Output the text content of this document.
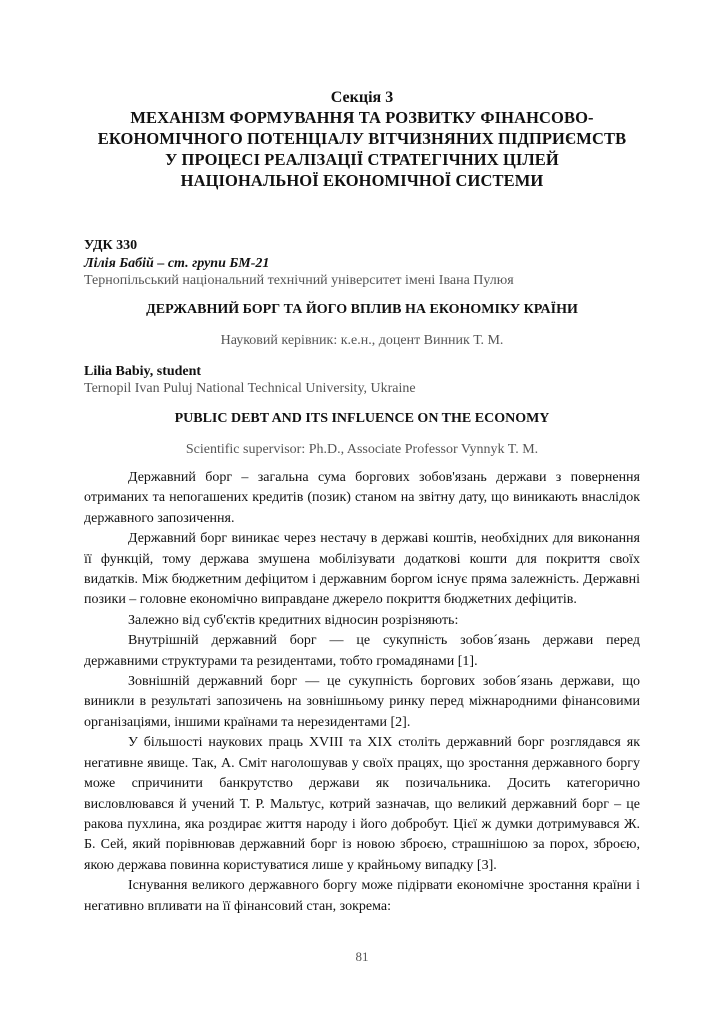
Секція 3
МЕХАНІЗМ ФОРМУВАННЯ ТА РОЗВИТКУ ФІНАНСОВО-
ЕКОНОМІЧНОГО ПОТЕНЦІАЛУ ВІТЧИЗНЯНИХ ПІДПРИЄМСТВ
У ПРОЦЕСІ РЕАЛІЗАЦІЇ СТРАТЕГІЧНИХ ЦІЛЕЙ
НАЦІОНАЛЬНОЇ ЕКОНОМІЧНОЇ СИСТЕМИ
УДК 330
Лілія Бабій – ст. групи БМ-21
Тернопільський національний технічний університет імені Івана Пулюя
ДЕРЖАВНИЙ БОРГ ТА ЙОГО ВПЛИВ НА ЕКОНОМІКУ КРАЇНИ
Науковий керівник: к.е.н., доцент Винник Т. М.
Lilia Babiy, student
Ternopil Ivan Puluj National Technical University, Ukraine
PUBLIC DEBT AND ITS INFLUENCE ON THE ECONOMY
Scientific supervisor: Ph.D., Associate Professor Vynnyk T. M.

Державний борг – загальна сума боргових зобов'язань держави з повернення отриманих та непогашених кредитів (позик) станом на звітну дату, що виникають внаслідок державного запозичення.

Державний борг виникає через нестачу в державі коштів, необхідних для виконання її функцій, тому держава змушена мобілізувати додаткові кошти для покриття своїх видатків. Між бюджетним дефіцитом і державним боргом існує пряма залежність. Державні позики – головне економічно виправдане джерело покриття бюджетних дефіцитів.

Залежно від суб'єктів кредитних відносин розрізняють:

Внутрішній державний борг — це сукупність зобов´язань держави перед державними структурами та резидентами, тобто громадянами [1].

Зовнішній державний борг — це сукупність боргових зобов´язань держави, що виникли в результаті запозичень на зовнішньому ринку перед міжнародними фінансовими організаціями, іншими країнами та нерезидентами [2].

У більшості наукових праць XVIII та XIX століть державний борг розглядався як негативне явище. Так, А. Сміт наголошував у своїх працях, що зростання державного боргу може спричинити банкрутство держави як позичальника. Досить категорично висловлювався й учений Т. Р. Мальтус, котрий зазначав, що великий державний борг – це ракова пухлина, яка роздирає життя народу і його добробут. Цієї ж думки дотримувався Ж. Б. Сей, який порівнював державний борг із новою зброєю, страшнішою за порох, зброєю, якою держава повинна користуватися лише у крайньому випадку [3].

Існування великого державного боргу може підірвати економічне зростання країни і негативно впливати на її фінансовий стан, зокрема:

81
